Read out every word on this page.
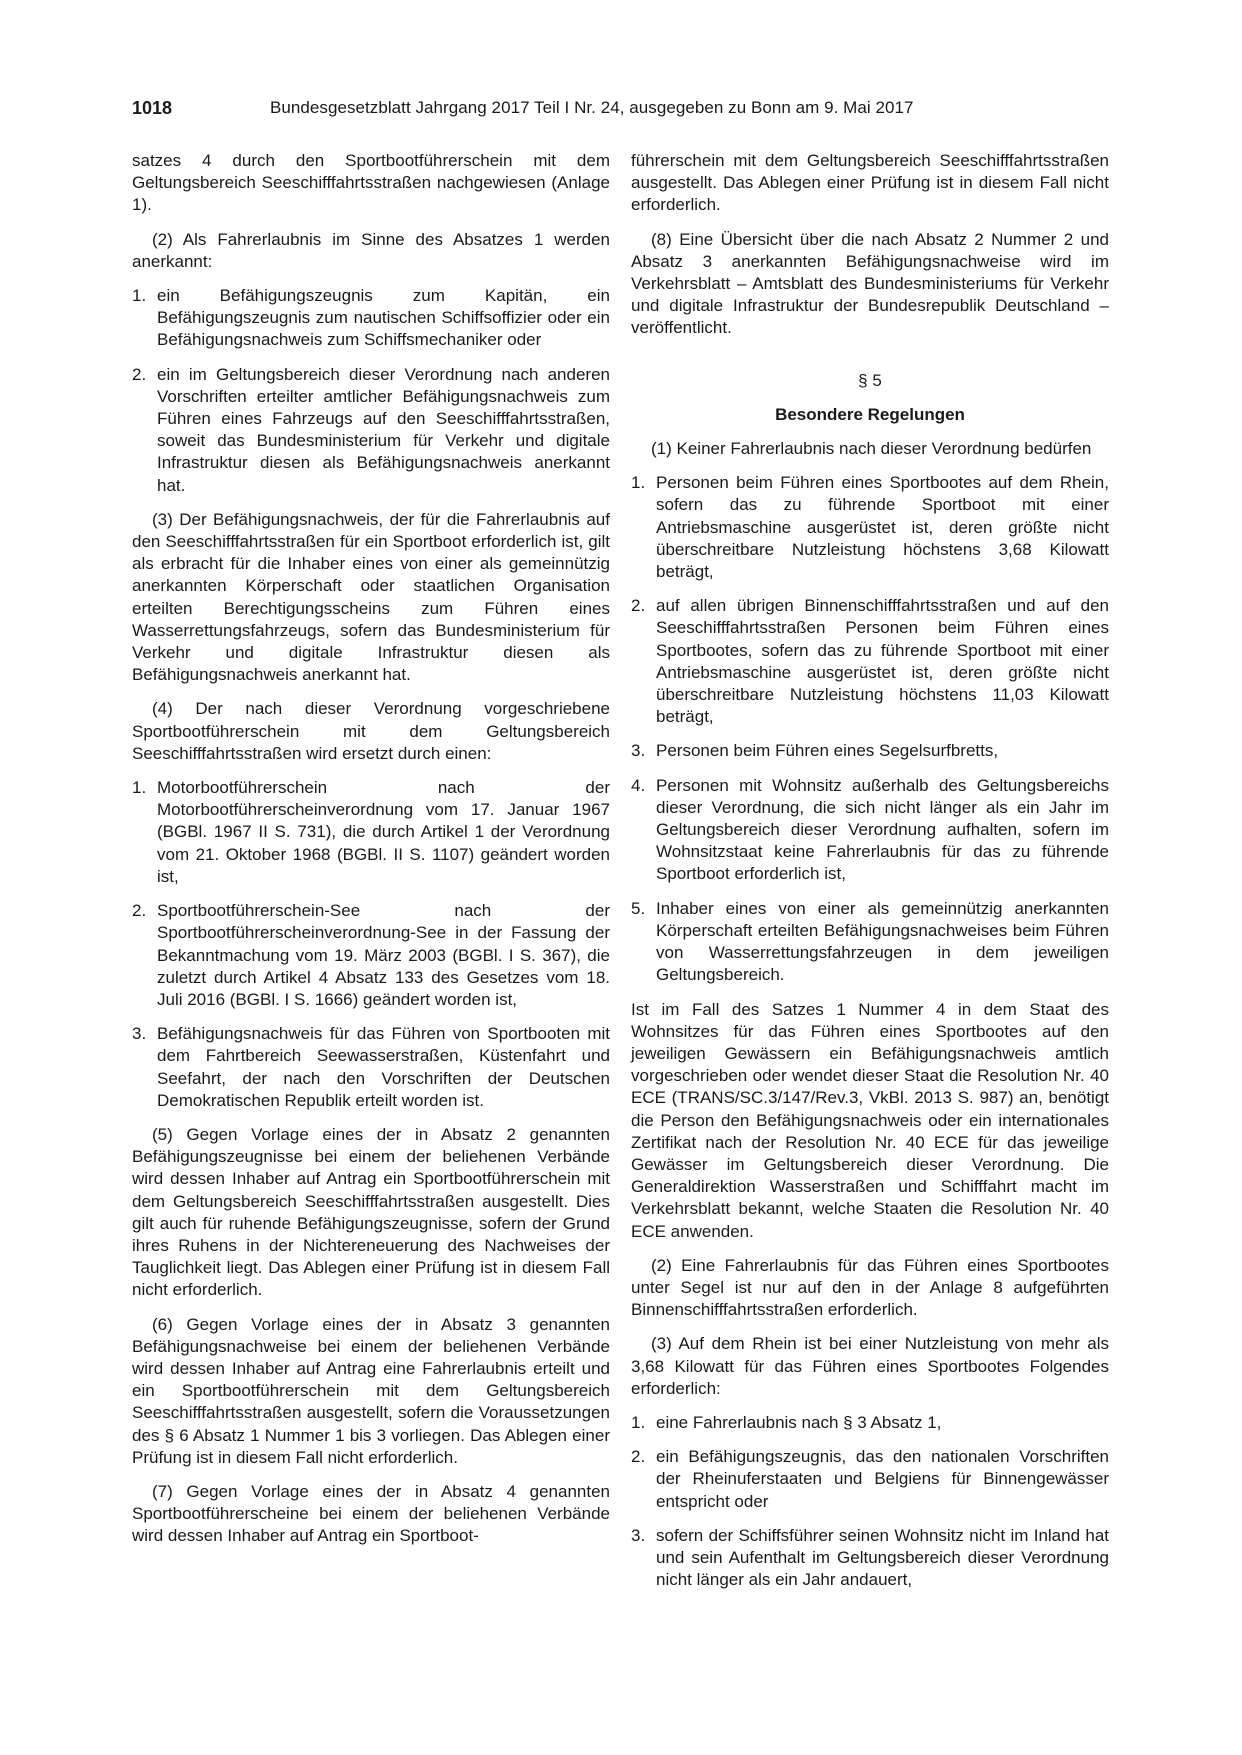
1018	Bundesgesetzblatt Jahrgang 2017 Teil I Nr. 24, ausgegeben zu Bonn am 9. Mai 2017

satzes 4 durch den Sportbootführerschein mit dem Geltungsbereich Seeschifffahrtsstraßen nachgewiesen (Anlage 1).

(2) Als Fahrerlaubnis im Sinne des Absatzes 1 werden anerkannt:

1. ein Befähigungszeugnis zum Kapitän, ein Befähigungszeugnis zum nautischen Schiffsoffizier oder ein Befähigungsnachweis zum Schiffsmechaniker oder
2. ein im Geltungsbereich dieser Verordnung nach anderen Vorschriften erteilter amtlicher Befähigungsnachweis zum Führen eines Fahrzeugs auf den Seeschifffahrtsstraßen, soweit das Bundesministerium für Verkehr und digitale Infrastruktur diesen als Befähigungsnachweis anerkannt hat.

(3) Der Befähigungsnachweis, der für die Fahrerlaubnis auf den Seeschifffahrtsstraßen für ein Sportboot erforderlich ist, gilt als erbracht für die Inhaber eines von einer als gemeinnützig anerkannten Körperschaft oder staatlichen Organisation erteilten Berechtigungsscheins zum Führen eines Wasserrettungsfahrzeugs, sofern das Bundesministerium für Verkehr und digitale Infrastruktur diesen als Befähigungsnachweis anerkannt hat.

(4) Der nach dieser Verordnung vorgeschriebene Sportbootführerschein mit dem Geltungsbereich Seeschifffahrtsstraßen wird ersetzt durch einen:

1. Motorbootführerschein nach der Motorbootführerscheinverordnung vom 17. Januar 1967 (BGBl. 1967 II S. 731), die durch Artikel 1 der Verordnung vom 21. Oktober 1968 (BGBl. II S. 1107) geändert worden ist,
2. Sportbootführerschein-See nach der Sportbootführerscheinverordnung-See in der Fassung der Bekanntmachung vom 19. März 2003 (BGBl. I S. 367), die zuletzt durch Artikel 4 Absatz 133 des Gesetzes vom 18. Juli 2016 (BGBl. I S. 1666) geändert worden ist,
3. Befähigungsnachweis für das Führen von Sportbooten mit dem Fahrtbereich Seewasserstraßen, Küstenfahrt und Seefahrt, der nach den Vorschriften der Deutschen Demokratischen Republik erteilt worden ist.

(5) Gegen Vorlage eines der in Absatz 2 genannten Befähigungszeugnisse bei einem der beliehenen Verbände wird dessen Inhaber auf Antrag ein Sportbootführerschein mit dem Geltungsbereich Seeschifffahrtsstraßen ausgestellt. Dies gilt auch für ruhende Befähigungszeugnisse, sofern der Grund ihres Ruhens in der Nichtereneuerung des Nachweises der Tauglichkeit liegt. Das Ablegen einer Prüfung ist in diesem Fall nicht erforderlich.

(6) Gegen Vorlage eines der in Absatz 3 genannten Befähigungsnachweise bei einem der beliehenen Verbände wird dessen Inhaber auf Antrag eine Fahrerlaubnis erteilt und ein Sportbootführerschein mit dem Geltungsbereich Seeschifffahrtsstraßen ausgestellt, sofern die Voraussetzungen des § 6 Absatz 1 Nummer 1 bis 3 vorliegen. Das Ablegen einer Prüfung ist in diesem Fall nicht erforderlich.

(7) Gegen Vorlage eines der in Absatz 4 genannten Sportbootführerscheine bei einem der beliehenen Verbände wird dessen Inhaber auf Antrag ein Sportboot-

führerschein mit dem Geltungsbereich Seeschifffahrtsstraßen ausgestellt. Das Ablegen einer Prüfung ist in diesem Fall nicht erforderlich.

(8) Eine Übersicht über die nach Absatz 2 Nummer 2 und Absatz 3 anerkannten Befähigungsnachweise wird im Verkehrsblatt – Amtsblatt des Bundesministeriums für Verkehr und digitale Infrastruktur der Bundesrepublik Deutschland – veröffentlicht.

§ 5
Besondere Regelungen

(1) Keiner Fahrerlaubnis nach dieser Verordnung bedürfen

1. Personen beim Führen eines Sportbootes auf dem Rhein, sofern das zu führende Sportboot mit einer Antriebsmaschine ausgerüstet ist, deren größte nicht überschreitbare Nutzleistung höchstens 3,68 Kilowatt beträgt,
2. auf allen übrigen Binnenschifffahrtsstraßen und auf den Seeschifffahrtsstraßen Personen beim Führen eines Sportbootes, sofern das zu führende Sportboot mit einer Antriebsmaschine ausgerüstet ist, deren größte nicht überschreitbare Nutzleistung höchstens 11,03 Kilowatt beträgt,
3. Personen beim Führen eines Segelsurfbretts,
4. Personen mit Wohnsitz außerhalb des Geltungsbereichs dieser Verordnung, die sich nicht länger als ein Jahr im Geltungsbereich dieser Verordnung aufhalten, sofern im Wohnsitzstaat keine Fahrerlaubnis für das zu führende Sportboot erforderlich ist,
5. Inhaber eines von einer als gemeinnützig anerkannten Körperschaft erteilten Befähigungsnachweises beim Führen von Wasserrettungsfahrzeugen in dem jeweiligen Geltungsbereich.

Ist im Fall des Satzes 1 Nummer 4 in dem Staat des Wohnsitzes für das Führen eines Sportbootes auf den jeweiligen Gewässern ein Befähigungsnachweis amtlich vorgeschrieben oder wendet dieser Staat die Resolution Nr. 40 ECE (TRANS/SC.3/147/Rev.3, VkBl. 2013 S. 987) an, benötigt die Person den Befähigungsnachweis oder ein internationales Zertifikat nach der Resolution Nr. 40 ECE für das jeweilige Gewässer im Geltungsbereich dieser Verordnung. Die Generaldirektion Wasserstraßen und Schifffahrt macht im Verkehrsblatt bekannt, welche Staaten die Resolution Nr. 40 ECE anwenden.

(2) Eine Fahrerlaubnis für das Führen eines Sportbootes unter Segel ist nur auf den in der Anlage 8 aufgeführten Binnenschifffahrtsstraßen erforderlich.

(3) Auf dem Rhein ist bei einer Nutzleistung von mehr als 3,68 Kilowatt für das Führen eines Sportbootes Folgendes erforderlich:

1. eine Fahrerlaubnis nach § 3 Absatz 1,
2. ein Befähigungszeugnis, das den nationalen Vorschriften der Rheinuferstaaten und Belgiens für Binnengewässer entspricht oder
3. sofern der Schiffsführer seinen Wohnsitz nicht im Inland hat und sein Aufenthalt im Geltungsbereich dieser Verordnung nicht länger als ein Jahr andauert,
